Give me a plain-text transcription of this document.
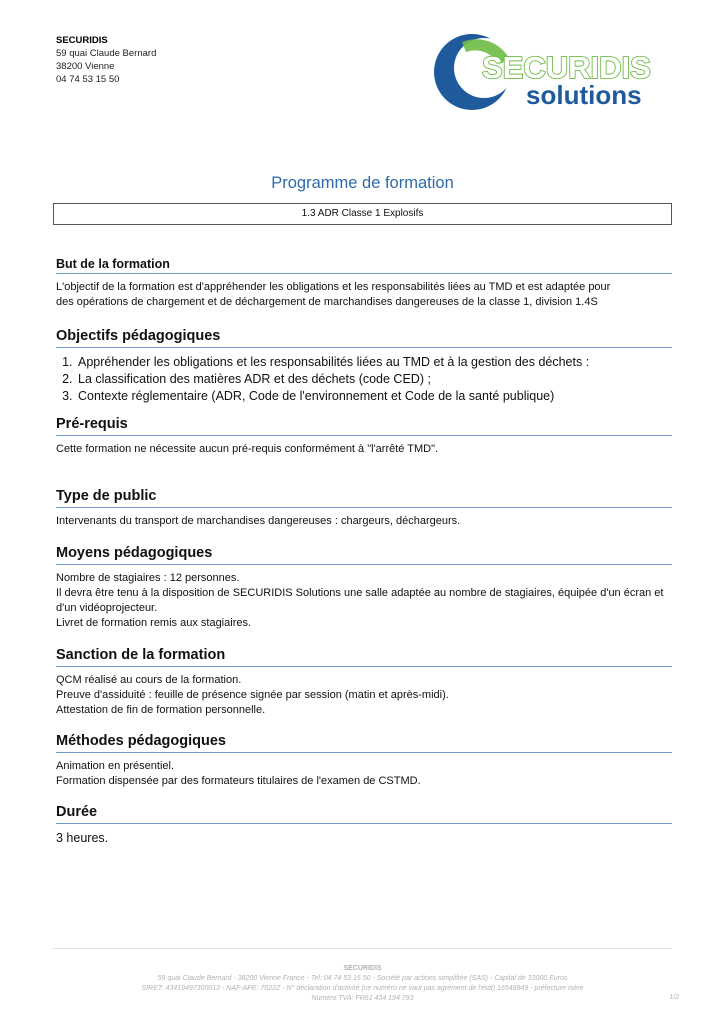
SECURIDIS
59 quai Claude Bernard
38200 Vienne
04 74 53 15 50	SECURIDIS
solutions
Programme de formation
1.3 ADR Classe 1 Explosifs
But de la formation
L'objectif de la formation est d'appréhender les obligations et les responsabilités liées au TMD et est adaptée pour
des opérations de chargement et de déchargement de marchandises dangereuses de la classe 1, division 1.4S
Objectifs pédagogiques
1. Appréhender les obligations et les responsabilités liées au TMD et à la gestion des déchets :
2. La classification des matières ADR et des déchets (code CED) ;
3. Contexte réglementaire (ADR, Code de l'environnement et Code de la santé publique)
Pré-requis
Cette formation ne nécessite aucun pré-requis conformément à "l'arrêté TMD".
Type de public
Intervenants du transport de marchandises dangereuses : chargeurs, déchargeurs.
Moyens pédagogiques
Nombre de stagiaires : 12 personnes.
Il devra être tenu à la disposition de SECURIDIS Solutions une salle adaptée au nombre de stagiaires, équipée d'un écran et d'un vidéoprojecteur.
Livret de formation remis aux stagiaires.
Sanction de la formation
QCM réalisé au cours de la formation.
Preuve d'assiduité : feuille de présence signée par session (matin et après-midi).
Attestation de fin de formation personnelle.
Méthodes pédagogiques
Animation en présentiel.
Formation dispensée par des formateurs titulaires de l'examen de CSTMD.
Durée
3 heures.
SECURIDIS
59 quai Claude Bernard - 38200 Vienne France - Tel: 04 74 53 15 50 - Société par actions simplifiée (SAS) - Capital de 33000 Euros
SIRET: 43419497300013 - NAF-APE: 7022Z - N° déclaration d'activité (ce numéro ne vaut pas agrément de l'état) 16548949 - préfecture Isère
Numéro TVA: FR61 434 194 793	1/2
